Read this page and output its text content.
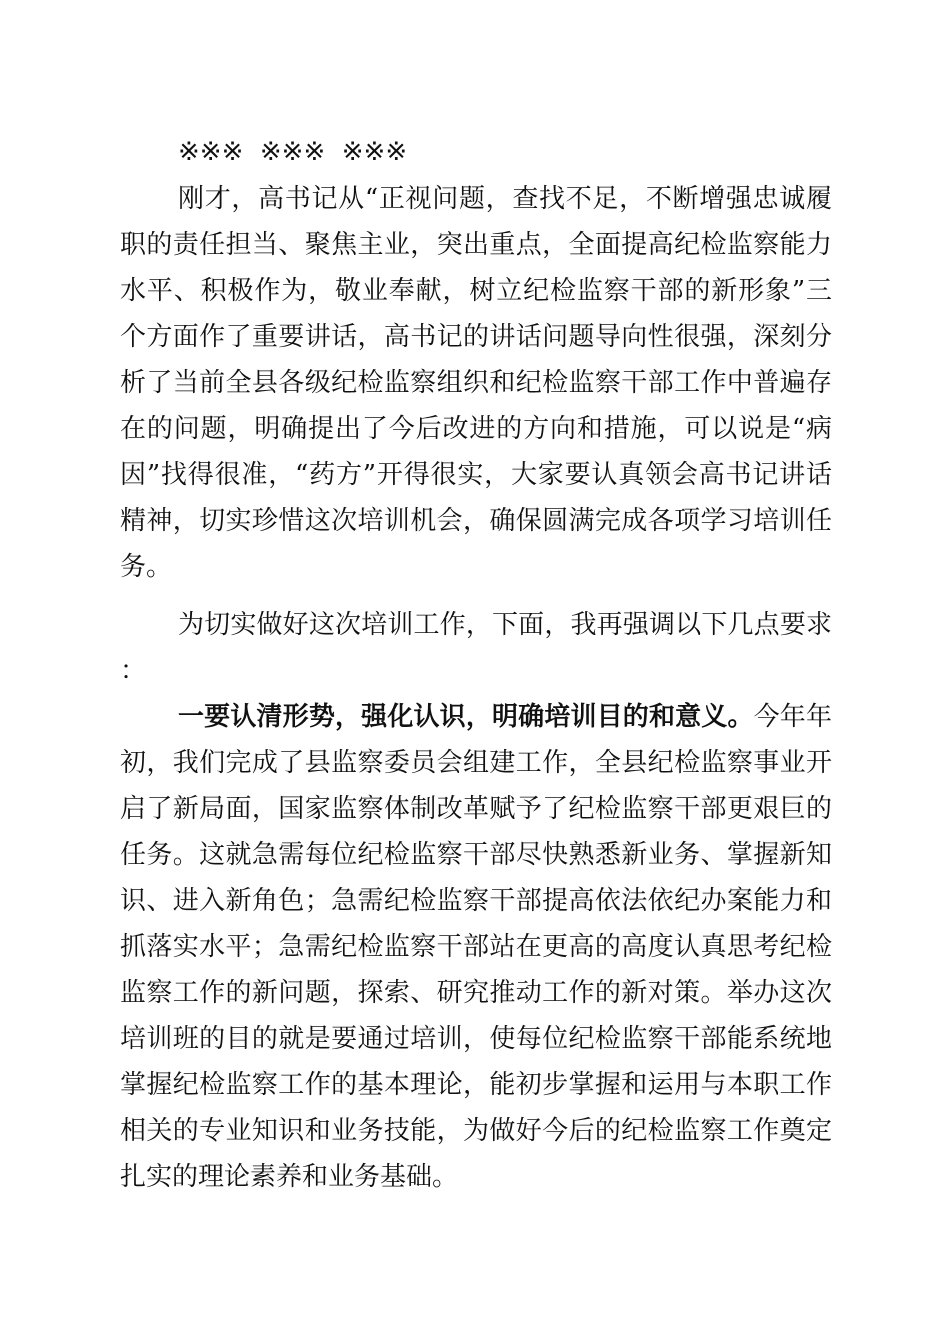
※※※  ※※※  ※※※

刚才，高书记从“正视问题，查找不足，不断增强忠诚履职的责任担当、聚焦主业，突出重点，全面提高纪检监察能力水平、积极作为，敬业奉献，树立纪检监察干部的新形象”三个方面作了重要讲话，高书记的讲话问题导向性很强，深刻分析了当前全县各级纪检监察组织和纪检监察干部工作中普遍存在的问题，明确提出了今后改进的方向和措施，可以说是“病因”找得很准，“药方”开得很实，大家要认真领会高书记讲话精神，切实珍惜这次培训机会，确保圆满完成各项学习培训任务。

为切实做好这次培训工作，下面，我再强调以下几点要求：

一要认清形势，强化认识，明确培训目的和意义。今年年初，我们完成了县监察委员会组建工作，全县纪检监察事业开启了新局面，国家监察体制改革赋予了纪检监察干部更艰巨的任务。这就急需每位纪检监察干部尽快熟悉新业务、掌握新知识、进入新角色；急需纪检监察干部提高依法依纪办案能力和抓落实水平；急需纪检监察干部站在更高的高度认真思考纪检监察工作的新问题，探索、研究推动工作的新对策。举办这次培训班的目的就是要通过培训，使每位纪检监察干部能系统地掌握纪检监察工作的基本理论，能初步掌握和运用与本职工作相关的专业知识和业务技能，为做好今后的纪检监察工作奠定扎实的理论素养和业务基础。
